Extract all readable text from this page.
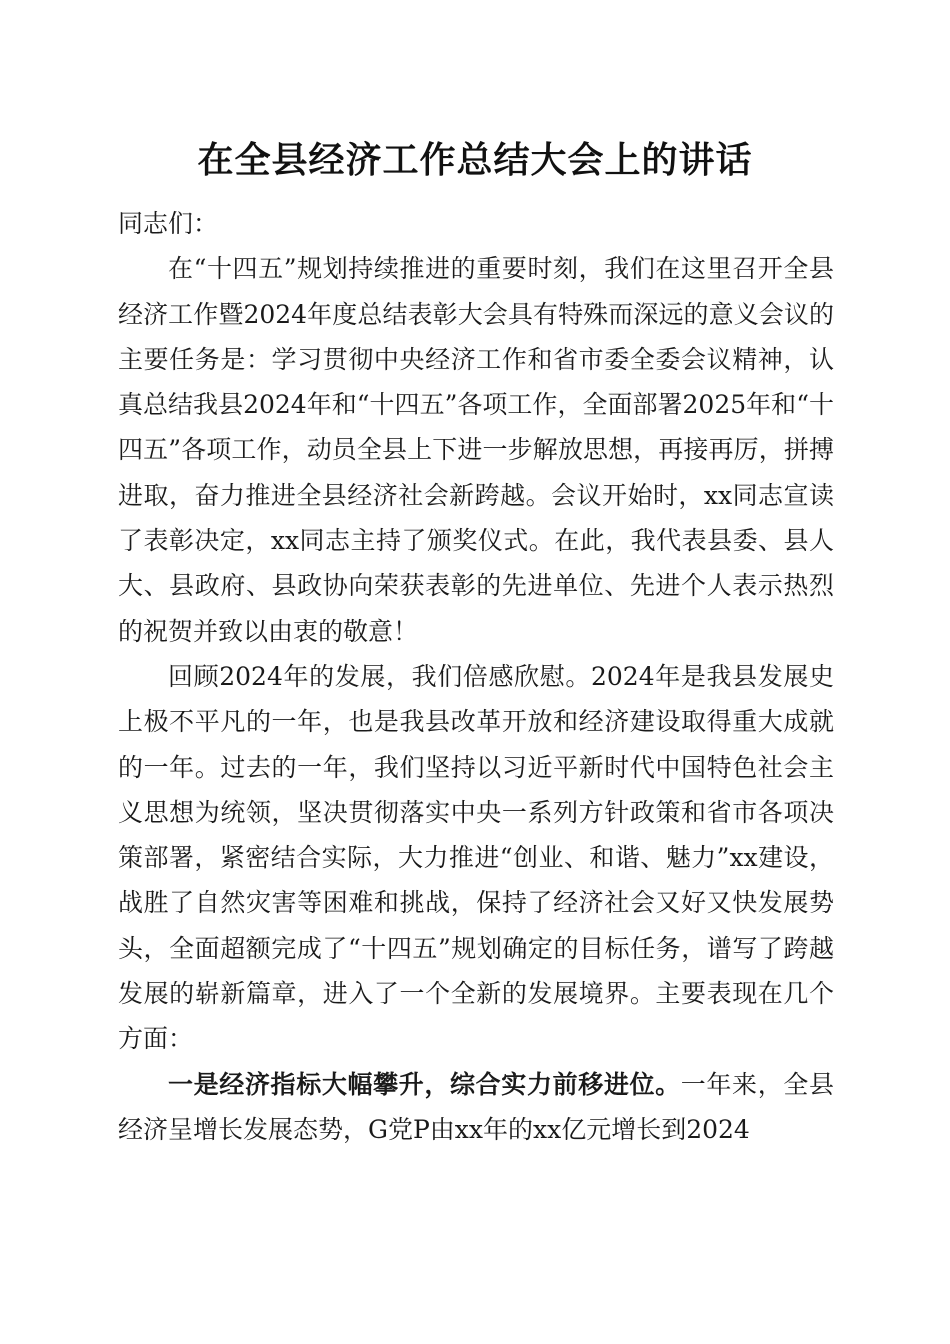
在全县经济工作总结大会上的讲话

同志们：

在“十四五”规划持续推进的重要时刻，我们在这里召开全县经济工作暨2024年度总结表彰大会具有特殊而深远的意义会议的主要任务是：学习贯彻中央经济工作和省市委全委会议精神，认真总结我县2024年和“十四五”各项工作，全面部署2025年和“十四五”各项工作，动员全县上下进一步解放思想，再接再厉，拼搏进取，奋力推进全县经济社会新跨越。会议开始时，xx同志宣读了表彰决定，xx同志主持了颁奖仪式。在此，我代表县委、县人大、县政府、县政协向荣获表彰的先进单位、先进个人表示热烈的祝贺并致以由衷的敬意！

回顾2024年的发展，我们倍感欣慰。2024年是我县发展史上极不平凡的一年，也是我县改革开放和经济建设取得重大成就的一年。过去的一年，我们坚持以习近平新时代中国特色社会主义思想为统领，坚决贯彻落实中央一系列方针政策和省市各项决策部署，紧密结合实际，大力推进“创业、和谐、魅力”xx建设，战胜了自然灾害等困难和挑战，保持了经济社会又好又快发展势头，全面超额完成了“十四五”规划确定的目标任务，谱写了跨越发展的崭新篇章，进入了一个全新的发展境界。主要表现在几个方面：

一是经济指标大幅攀升，综合实力前移进位。一年来，全县经济呈增长发展态势，G党P由xx年的xx亿元增长到2024
